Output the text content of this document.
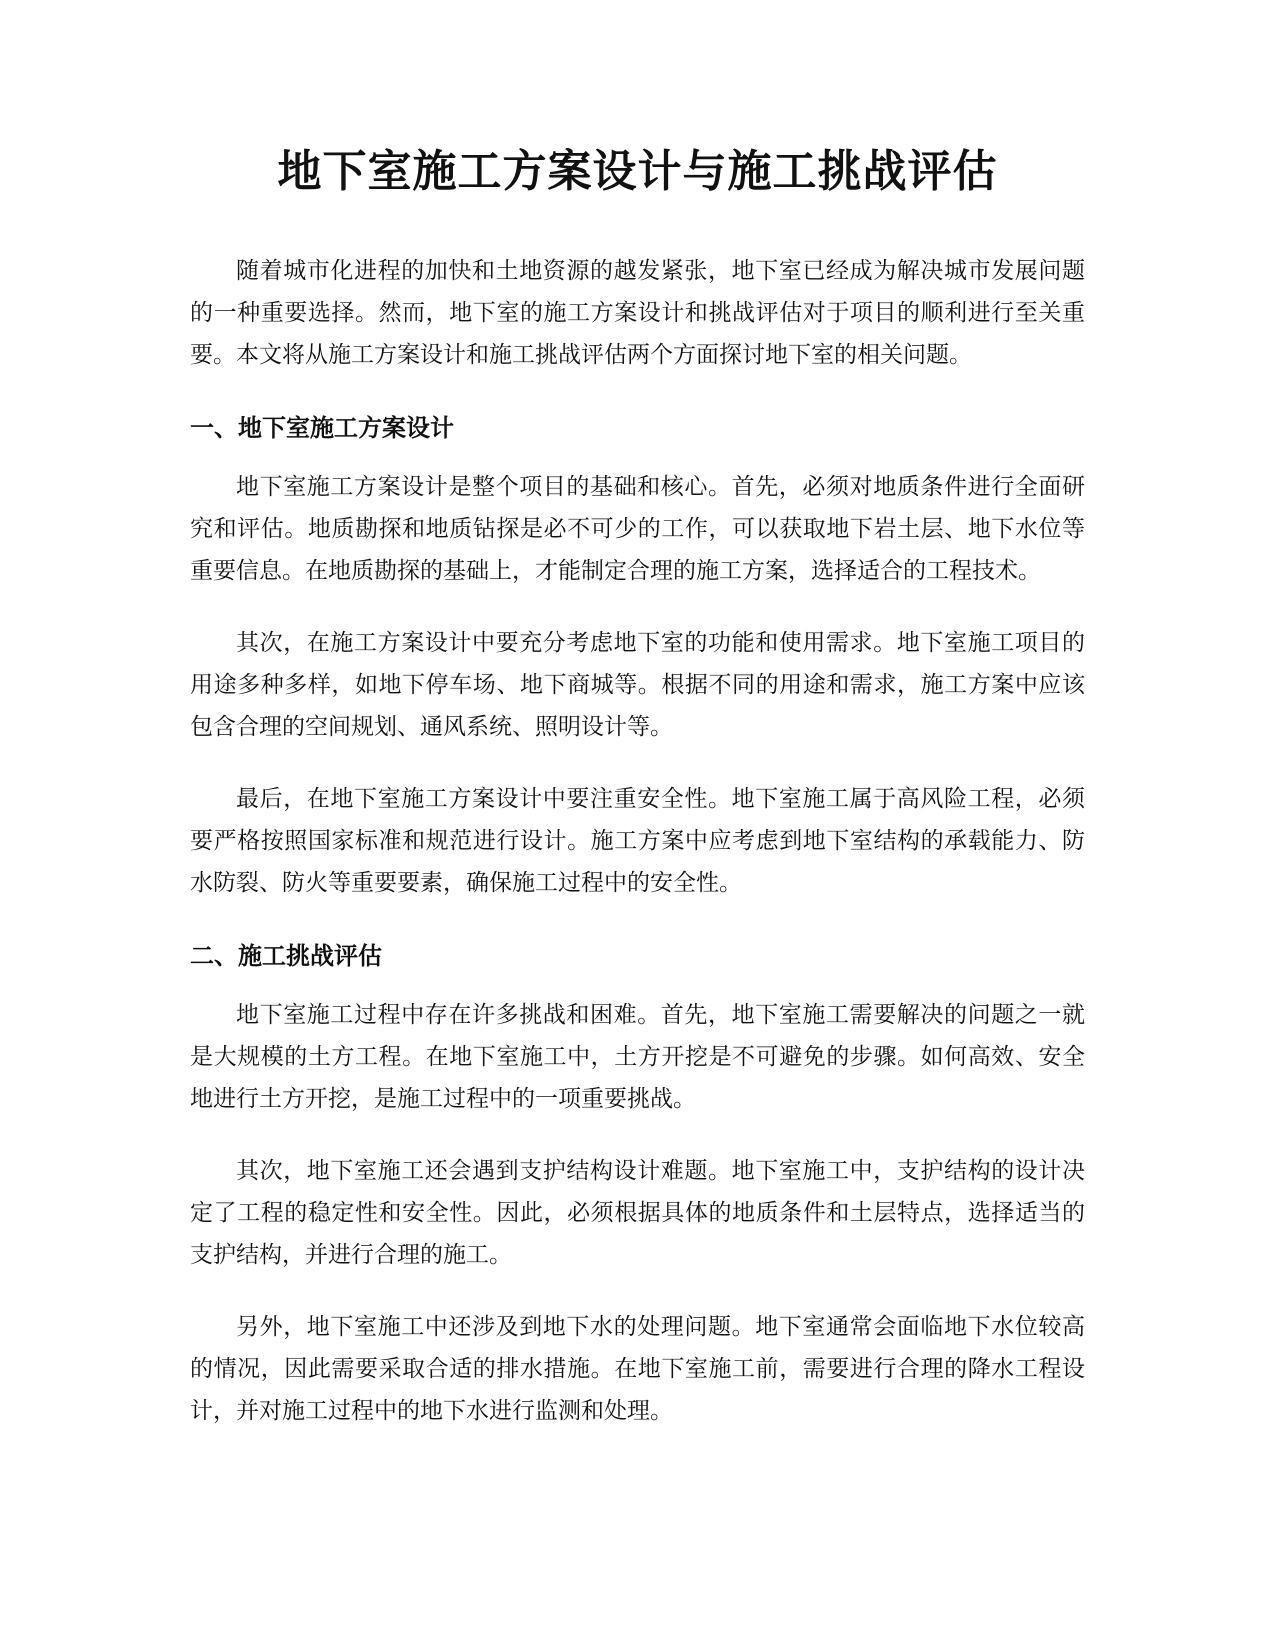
地下室施工方案设计与施工挑战评估

随着城市化进程的加快和土地资源的越发紧张，地下室已经成为解决城市发展问题的一种重要选择。然而，地下室的施工方案设计和挑战评估对于项目的顺利进行至关重要。本文将从施工方案设计和施工挑战评估两个方面探讨地下室的相关问题。

一、地下室施工方案设计

地下室施工方案设计是整个项目的基础和核心。首先，必须对地质条件进行全面研究和评估。地质勘探和地质钻探是必不可少的工作，可以获取地下岩土层、地下水位等重要信息。在地质勘探的基础上，才能制定合理的施工方案，选择适合的工程技术。

其次，在施工方案设计中要充分考虑地下室的功能和使用需求。地下室施工项目的用途多种多样，如地下停车场、地下商城等。根据不同的用途和需求，施工方案中应该包含合理的空间规划、通风系统、照明设计等。

最后，在地下室施工方案设计中要注重安全性。地下室施工属于高风险工程，必须要严格按照国家标准和规范进行设计。施工方案中应考虑到地下室结构的承载能力、防水防裂、防火等重要要素，确保施工过程中的安全性。

二、施工挑战评估

地下室施工过程中存在许多挑战和困难。首先，地下室施工需要解决的问题之一就是大规模的土方工程。在地下室施工中，土方开挖是不可避免的步骤。如何高效、安全地进行土方开挖，是施工过程中的一项重要挑战。

其次，地下室施工还会遇到支护结构设计难题。地下室施工中，支护结构的设计决定了工程的稳定性和安全性。因此，必须根据具体的地质条件和土层特点，选择适当的支护结构，并进行合理的施工。

另外，地下室施工中还涉及到地下水的处理问题。地下室通常会面临地下水位较高的情况，因此需要采取合适的排水措施。在地下室施工前，需要进行合理的降水工程设计，并对施工过程中的地下水进行监测和处理。
